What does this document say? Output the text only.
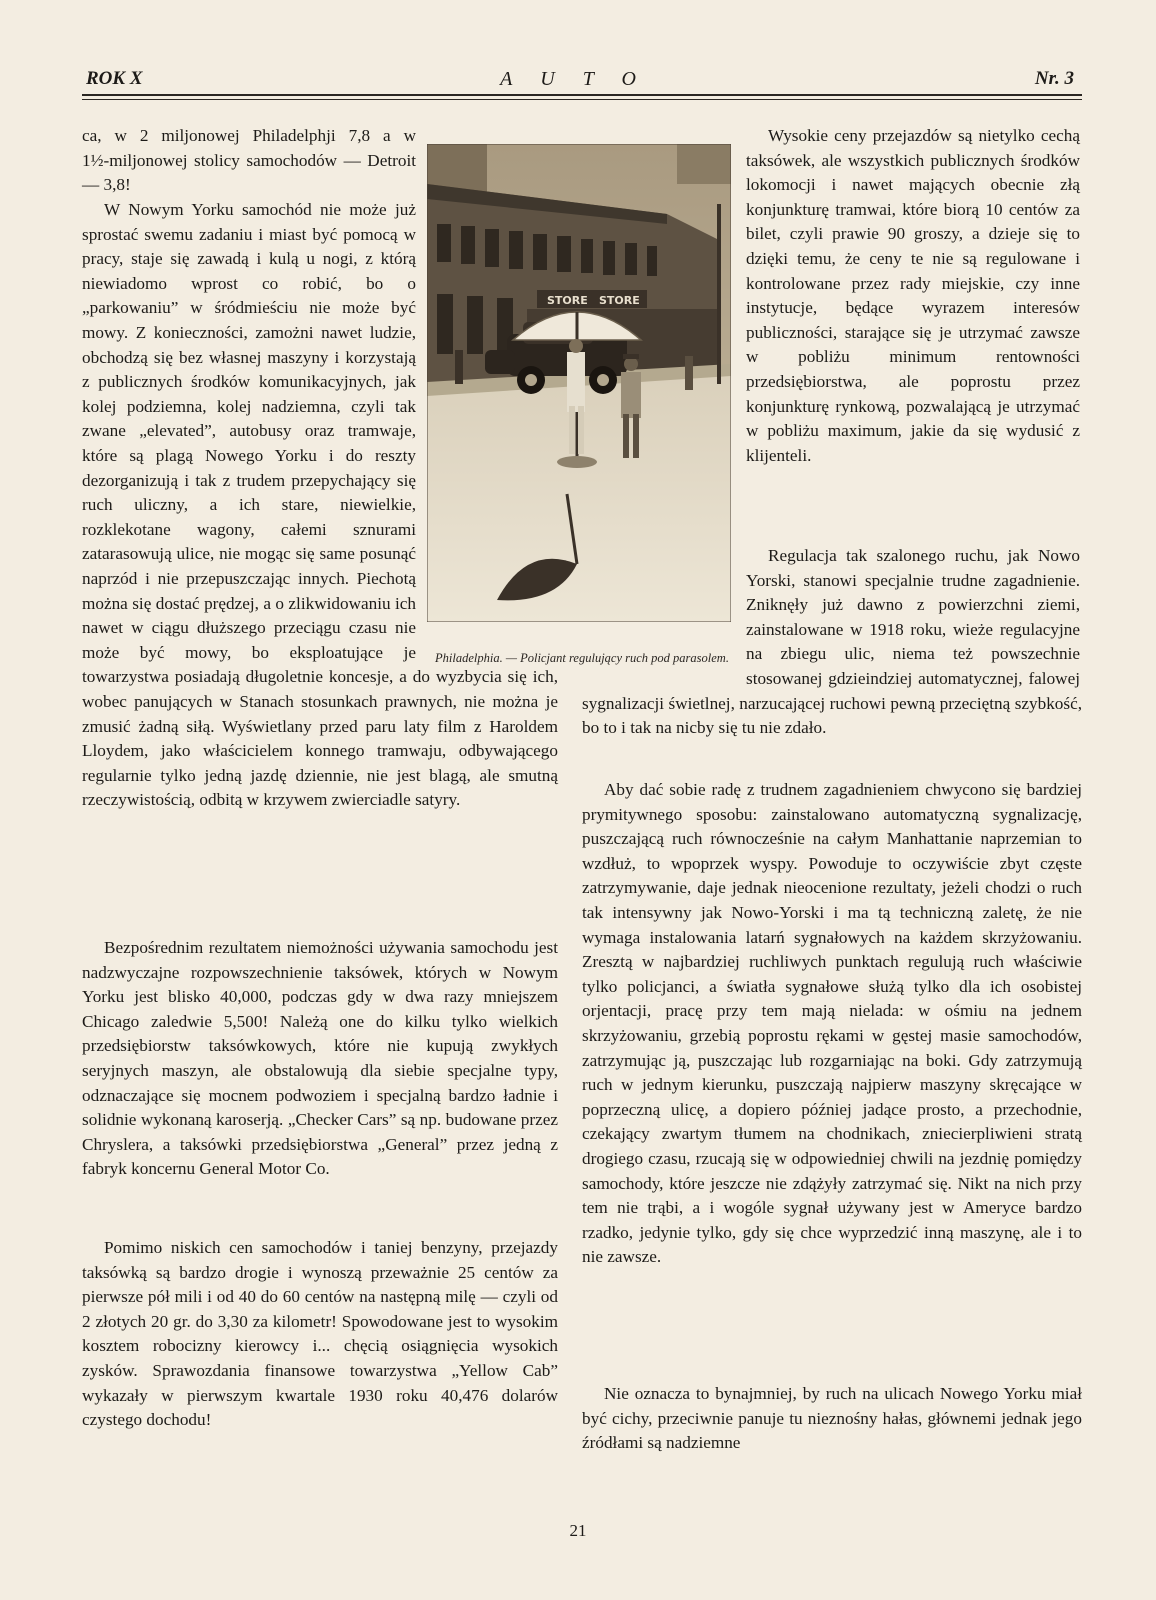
ROK X	AUTO	Nr. 3
STORE STORE
Philadelphia. — Policjant regulujący ruch pod parasolem.
21
ca, w 2 miljonowej Philadelphji 7,8 a w
1½-miljonowej stolicy samochodów — Detroit
— 3,8!
W Nowym Yorku samochód nie może już
sprostać swemu zadaniu i miast być pomocą w
pracy, staje się zawadą i kulą u nogi, z którą
niewiadomo wprost co robić, bo o
„parkowaniu” w śródmieściu nie może być
mowy. Z konieczności, zamożni nawet ludzie,
obchodzą się bez własnej maszyny i korzystają
z publicznych środków komunikacyjnych, jak
kolej podziemna, kolej nadziemna, czyli tak
zwane „elevated”, autobusy oraz tramwaje,
które są plagą Nowego Yorku i do reszty
dezorganizują i tak z trudem przepychający się
ruch uliczny, a ich stare, niewielkie,
rozklekotane wagony, całemi sznurami
zatarasowują ulice, nie mogąc się same posunąć
naprzód i nie przepuszczając innych. Piechotą
można się dostać prędzej, a o zlikwidowaniu ich
nawet w ciągu dłuższego przeciągu czasu nie
może być mowy, bo eksploatujące je
towarzystwa posiadają długoletnie koncesje, a do wyzbycia się ich,
wobec panujących w Stanach stosunkach prawnych, nie można je
zmusić żadną siłą. Wyświetlany przed paru laty film z Haroldem
Lloydem, jako właścicielem konnego tramwaju, odbywającego
regularnie tylko jedną jazdę dziennie, nie jest blagą, ale smutną
rzeczywistością, odbitą w krzywem zwierciadle satyry.
Bezpośrednim rezultatem niemożności używania samochodu jest
nadzwyczajne rozpowszechnienie taksówek, których w Nowym
Yorku jest blisko 40,000, podczas gdy w dwa razy mniejszem
Chicago zaledwie 5,500! Należą one do kilku tylko wielkich
przedsiębiorstw taksówkowych, które nie kupują zwykłych
seryjnych maszyn, ale obstalowują dla siebie specjalne typy,
odznaczające się mocnem podwoziem i specjalną bardzo ładnie i
solidnie wykonaną karoserją. „Checker Cars” są np. budowane przez
Chryslera, a taksówki przedsiębiorstwa „General” przez jedną z
fabryk koncernu General Motor Co.
Pomimo niskich cen samochodów i taniej benzyny, przejazdy
taksówką są bardzo drogie i wynoszą przeważnie 25 centów za
pierwsze pół mili i od 40 do 60 centów na następną milę — czyli od
2 złotych 20 gr. do 3,30 za kilometr! Spowodowane jest to wysokim
kosztem robocizny kierowcy i... chęcią osiągnięcia wysokich
zysków. Sprawozdania finansowe towarzystwa „Yellow Cab”
wykazały w pierwszym kwartale 1930 roku 40,476 dolarów
czystego dochodu!
Wysokie ceny przejazdów są nietylko cechą
taksówek, ale wszystkich publicznych środków
lokomocji i nawet mających obecnie złą
konjunkturę tramwai, które biorą 10 centów za
bilet, czyli prawie 90 groszy, a dzieje się to
dzięki temu, że ceny te nie są regulowane i
kontrolowane przez rady miejskie, czy inne
instytucje, będące wyrazem interesów
publiczności, starające się je utrzymać zawsze
w pobliżu minimum rentowności
przedsiębiorstwa, ale poprostu przez
konjunkturę rynkową, pozwalającą je utrzymać
w pobliżu maximum, jakie da się wydusić z
klijenteli.
Regulacja tak szalonego ruchu, jak Nowo
Yorski, stanowi specjalnie trudne zagadnienie.
Zniknęły już dawno z powierzchni ziemi,
zainstalowane w 1918 roku, wieże regulacyjne
na zbiegu ulic, niema też powszechnie
stosowanej gdzieindziej automatycznej, falowej
sygnalizacji świetlnej, narzucającej ruchowi pewną przeciętną szybkość,
bo to i tak na nicby się tu nie zdało.
Aby dać sobie radę z trudnem zagadnieniem chwycono się bardziej
prymitywnego sposobu: zainstalowano automatyczną sygnalizację,
puszczającą ruch równocześnie na całym Manhattanie naprzemian to
wzdłuż, to wpoprzek wyspy. Powoduje to oczywiście zbyt częste
zatrzymywanie, daje jednak nieocenione rezultaty, jeżeli chodzi o ruch
tak intensywny jak Nowo-Yorski i ma tą techniczną zaletę, że nie
wymaga instalowania latarń sygnałowych na każdem skrzyżowaniu.
Zresztą w najbardziej ruchliwych punktach regulują ruch właściwie
tylko policjanci, a światła sygnałowe służą tylko dla ich osobistej
orjentacji, pracę przy tem mają nielada: w ośmiu na jednem
skrzyżowaniu, grzebią poprostu rękami w gęstej masie samochodów,
zatrzymując ją, puszczając lub rozgarniając na boki. Gdy zatrzymują
ruch w jednym kierunku, puszczają najpierw maszyny skręcające w
poprzeczną ulicę, a dopiero później jadące prosto, a przechodnie,
czekający zwartym tłumem na chodnikach, zniecierpliwieni stratą
drogiego czasu, rzucają się w odpowiedniej chwili na jezdnię pomiędzy
samochody, które jeszcze nie zdążyły zatrzymać się. Nikt na nich przy
tem nie trąbi, a i wogóle sygnał używany jest w Ameryce bardzo
rzadko, jedynie tylko, gdy się chce wyprzedzić inną maszynę, ale i to
nie zawsze.
Nie oznacza to bynajmniej, by ruch na ulicach Nowego Yorku miał
być cichy, przeciwnie panuje tu nieznośny hałas, głównemi jednak jego
źródłami są nadziemne
